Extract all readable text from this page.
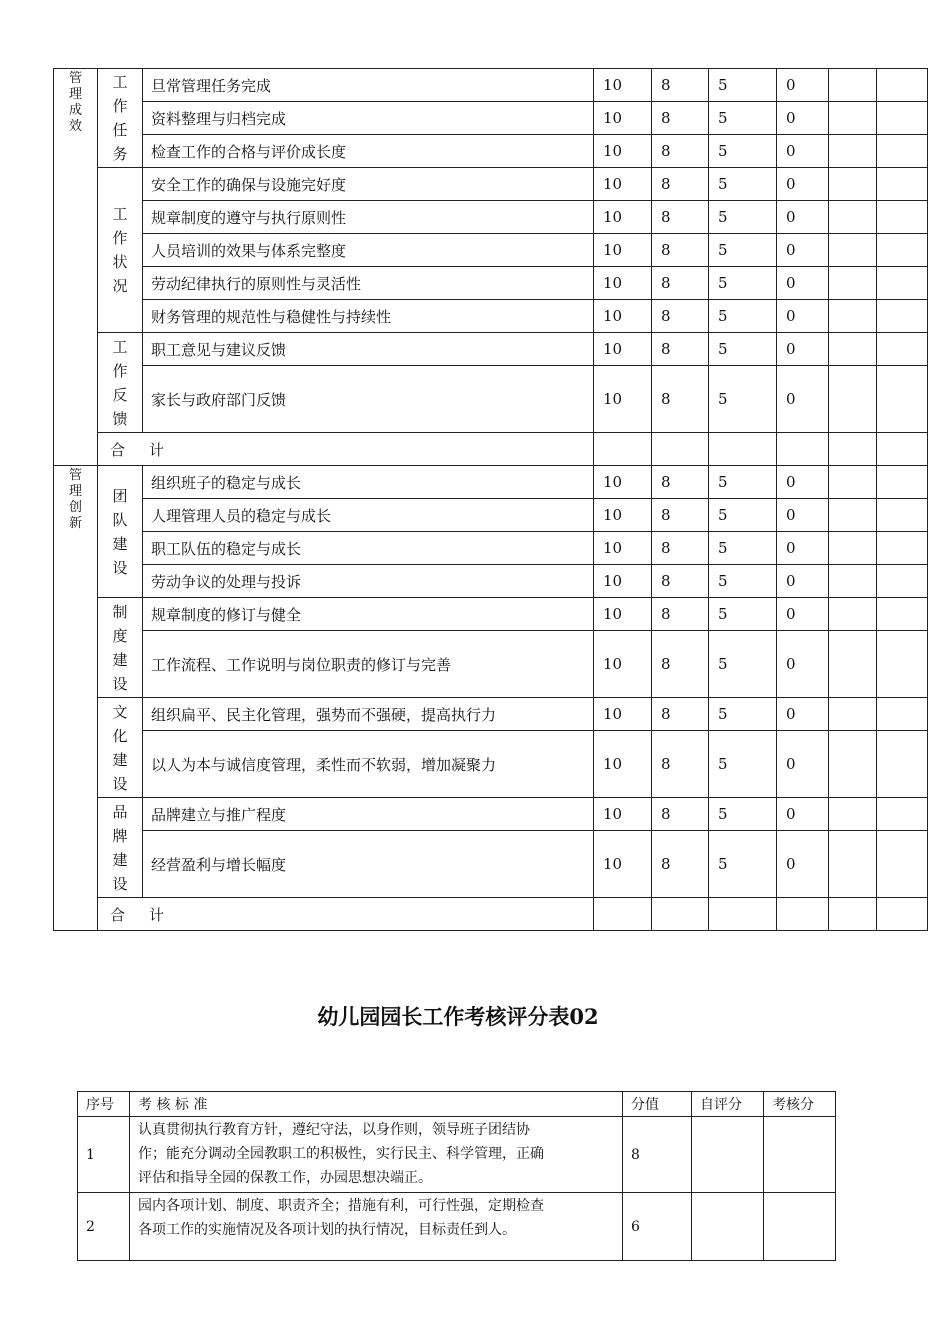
管理成效	工作任务	旦常管理任务完成	10	8	5	0		
		资料整理与归档完成	10	8	5	0		
		检查工作的合格与评价成长度	10	8	5	0		
	工作状况	安全工作的确保与设施完好度	10	8	5	0		
		规章制度的遵守与执行原则性	10	8	5	0		
		人员培训的效果与体系完整度	10	8	5	0		
		劳动纪律执行的原则性与灵活性	10	8	5	0		
		财务管理的规范性与稳健性与持续性	10	8	5	0		
	工作反馈	职工意见与建议反馈	10	8	5	0		
		家长与政府部门反馈	10	8	5	0		
	合 计							
管理创新	团队建设	组织班子的稳定与成长	10	8	5	0		
		人理管理人员的稳定与成长	10	8	5	0		
		职工队伍的稳定与成长	10	8	5	0		
		劳动争议的处理与投诉	10	8	5	0		
	制度建设	规章制度的修订与健全	10	8	5	0		
		工作流程、工作说明与岗位职责的修订与完善	10	8	5	0		
	文化建设	组织扁平、民主化管理，强势而不强硬，提高执行力	10	8	5	0		
		以人为本与诚信度管理，柔性而不软弱，增加凝聚力	10	8	5	0		
	品牌建设	品牌建立与推广程度	10	8	5	0		
		经营盈利与增长幅度	10	8	5	0		
	合 计							
幼儿园园长工作考核评分表02
序号	考 核 标 准	分值	自评分	考核分
1	认真贯彻执行教育方针，遵纪守法，以身作则，领导班子团结协
作；能充分调动全园教职工的积极性，实行民主、科学管理，正确
评估和指导全园的保教工作，办园思想决端正。	8		
2	园内各项计划、制度、职责齐全；措施有利，可行性强，定期检查
各项工作的实施情况及各项计划的执行情况，目标责任到人。	6		
